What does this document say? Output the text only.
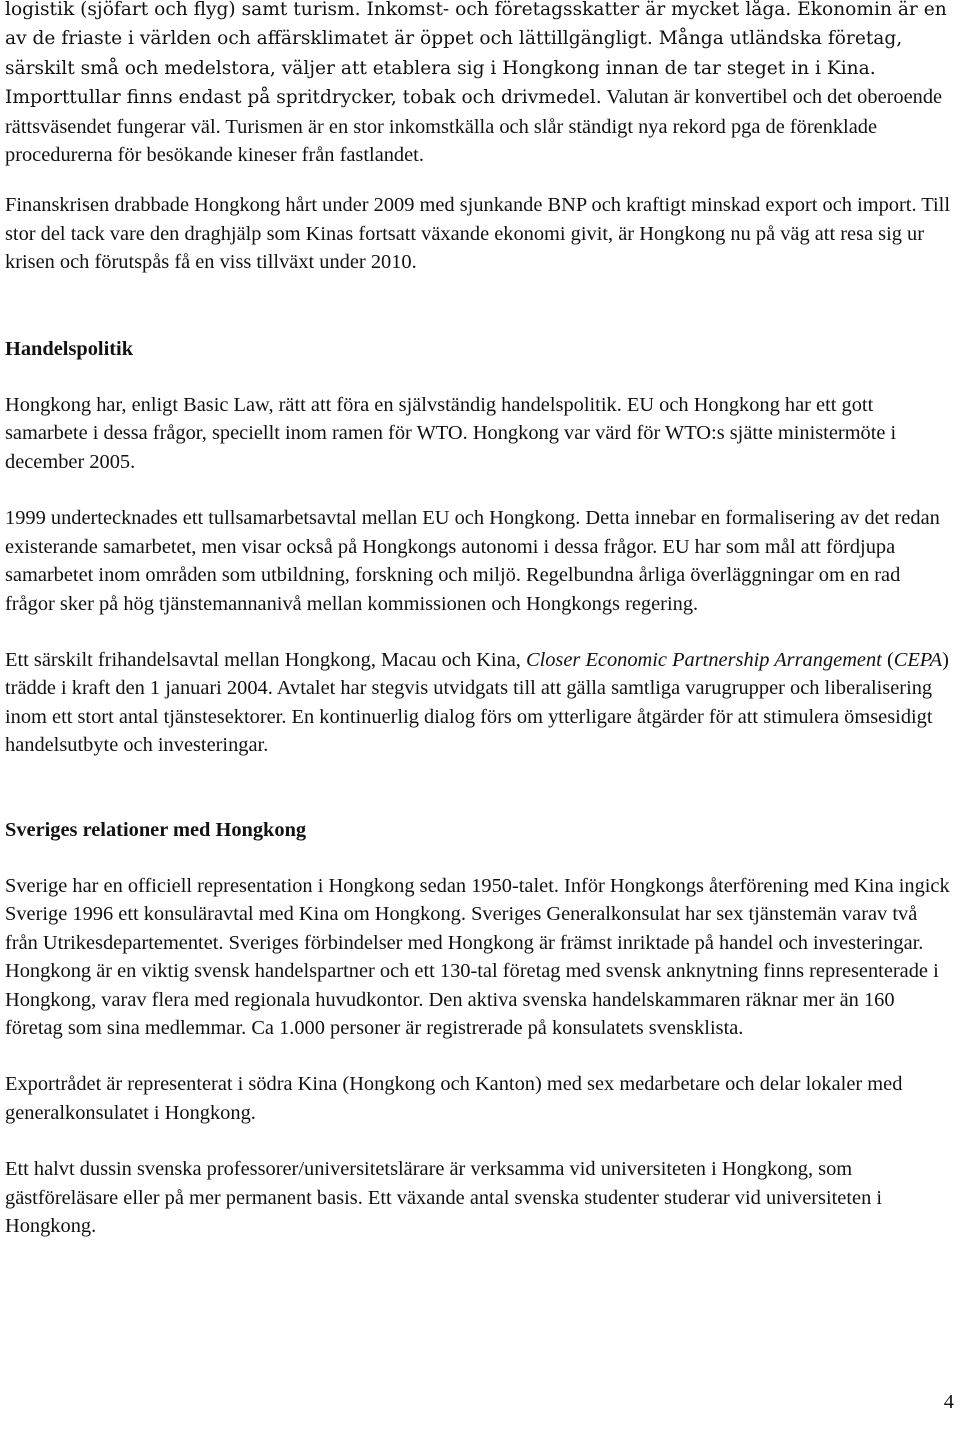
logistik (sjöfart och flyg) samt turism. Inkomst- och företagsskatter är mycket låga. Ekonomin är en av de friaste i världen och affärsklimatet är öppet och lättillgängligt. Många utländska företag, särskilt små och medelstora, väljer att etablera sig i Hongkong innan de tar steget in i Kina. Importtullar finns endast på spritdrycker, tobak och drivmedel. Valutan är konvertibel och det oberoende rättsväsendet fungerar väl. Turismen är en stor inkomstkälla och slår ständigt nya rekord pga de förenklade procedurerna för besökande kineser från fastlandet.

Finanskrisen drabbade Hongkong hårt under 2009 med sjunkande BNP och kraftigt minskad export och import. Till stor del tack vare den draghjälp som Kinas fortsatt växande ekonomi givit, är Hongkong nu på väg att resa sig ur krisen och förutspås få en viss tillväxt under 2010.

Handelspolitik

Hongkong har, enligt Basic Law, rätt att föra en självständig handelspolitik. EU och Hongkong har ett gott samarbete i dessa frågor, speciellt inom ramen för WTO. Hongkong var värd för WTO:s sjätte ministermöte i december 2005.

1999 undertecknades ett tullsamarbetsavtal mellan EU och Hongkong. Detta innebar en formalisering av det redan existerande samarbetet, men visar också på Hongkongs autonomi i dessa frågor. EU har som mål att fördjupa samarbetet inom områden som utbildning, forskning och miljö. Regelbundna årliga överläggningar om en rad frågor sker på hög tjänstemannanivå mellan kommissionen och Hongkongs regering.

Ett särskilt frihandelsavtal mellan Hongkong, Macau och Kina, Closer Economic Partnership Arrangement (CEPA) trädde i kraft den 1 januari 2004. Avtalet har stegvis utvidgats till att gälla samtliga varugrupper och liberalisering inom ett stort antal tjänstesektorer. En kontinuerlig dialog förs om ytterligare åtgärder för att stimulera ömsesidigt handelsutbyte och investeringar.

Sveriges relationer med Hongkong

Sverige har en officiell representation i Hongkong sedan 1950-talet. Inför Hongkongs återförening med Kina ingick Sverige 1996 ett konsuläravtal med Kina om Hongkong. Sveriges Generalkonsulat har sex tjänstemän varav två från Utrikesdepartementet. Sveriges förbindelser med Hongkong är främst inriktade på handel och investeringar. Hongkong är en viktig svensk handelspartner och ett 130-tal företag med svensk anknytning finns representerade i Hongkong, varav flera med regionala huvudkontor. Den aktiva svenska handelskammaren räknar mer än 160 företag som sina medlemmar. Ca 1.000 personer är registrerade på konsulatets svensklista.

Exportrådet är representerat i södra Kina (Hongkong och Kanton) med sex medarbetare och delar lokaler med generalkonsulatet i Hongkong.

Ett halvt dussin svenska professorer/universitetslärare är verksamma vid universiteten i Hongkong, som gästföreläsare eller på mer permanent basis. Ett växande antal svenska studenter studerar vid universiteten i Hongkong.

4
